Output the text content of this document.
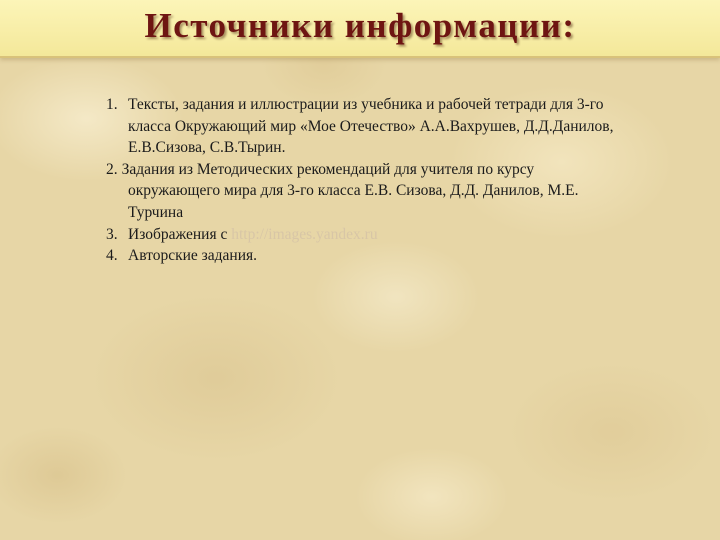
Источники информации:

1. Тексты, задания и иллюстрации из учебника и рабочей тетради для 3-го класса Окружающий мир «Мое Отечество» А.А.Вахрушев, Д.Д.Данилов, Е.В.Сизова, С.В.Тырин.

2. Задания из Методических рекомендаций для учителя по курсу окружающего мира для 3-го класса Е.В. Сизова, Д.Д. Данилов, М.Е. Турчина

3. Изображения с http://images.yandex.ru

4. Авторские задания.
